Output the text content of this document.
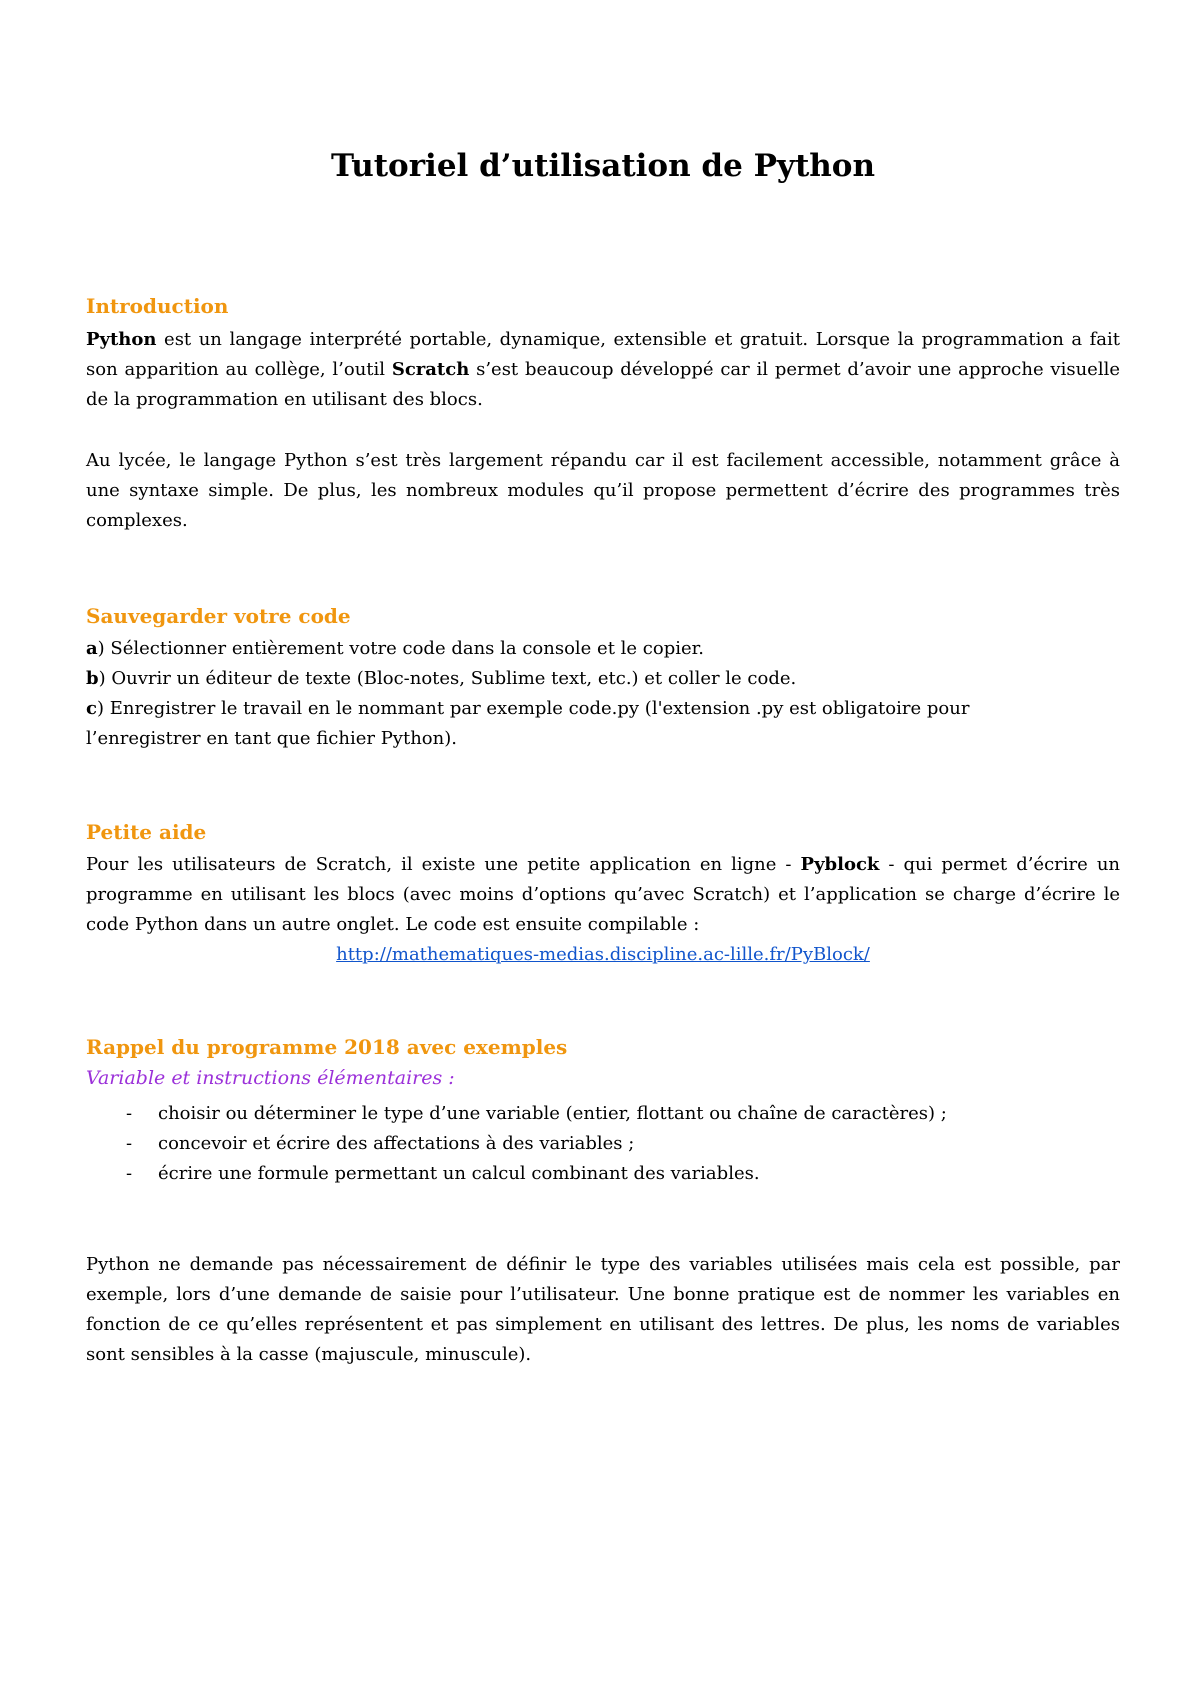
Tutoriel d’utilisation de Python
Introduction
Python est un langage interprété portable, dynamique, extensible et gratuit. Lorsque la programmation a fait son apparition au collège, l’outil Scratch s’est beaucoup développé car il permet d’avoir une approche visuelle de la programmation en utilisant des blocs.
Au lycée, le langage Python s’est très largement répandu car il est facilement accessible, notamment grâce à une syntaxe simple. De plus, les nombreux modules qu’il propose permettent d’écrire des programmes très complexes.
Sauvegarder votre code
a) Sélectionner entièrement votre code dans la console et le copier.
b) Ouvrir un éditeur de texte (Bloc-notes, Sublime text, etc.) et coller le code.
c) Enregistrer le travail en le nommant par exemple code.py (l'extension .py est obligatoire pour
l’enregistrer en tant que fichier Python).
Petite aide
Pour les utilisateurs de Scratch, il existe une petite application en ligne - Pyblock - qui permet d’écrire un programme en utilisant les blocs (avec moins d’options qu’avec Scratch) et l’application se charge d’écrire le code Python dans un autre onglet. Le code est ensuite compilable :
http://mathematiques-medias.discipline.ac-lille.fr/PyBlock/
Rappel du programme 2018 avec exemples
Variable et instructions élémentaires :
- choisir ou déterminer le type d’une variable (entier, flottant ou chaîne de caractères) ;
- concevoir et écrire des affectations à des variables ;
- écrire une formule permettant un calcul combinant des variables.
Python ne demande pas nécessairement de définir le type des variables utilisées mais cela est possible, par exemple, lors d’une demande de saisie pour l’utilisateur. Une bonne pratique est de nommer les variables en fonction de ce qu’elles représentent et pas simplement en utilisant des lettres. De plus, les noms de variables sont sensibles à la casse (majuscule, minuscule).
